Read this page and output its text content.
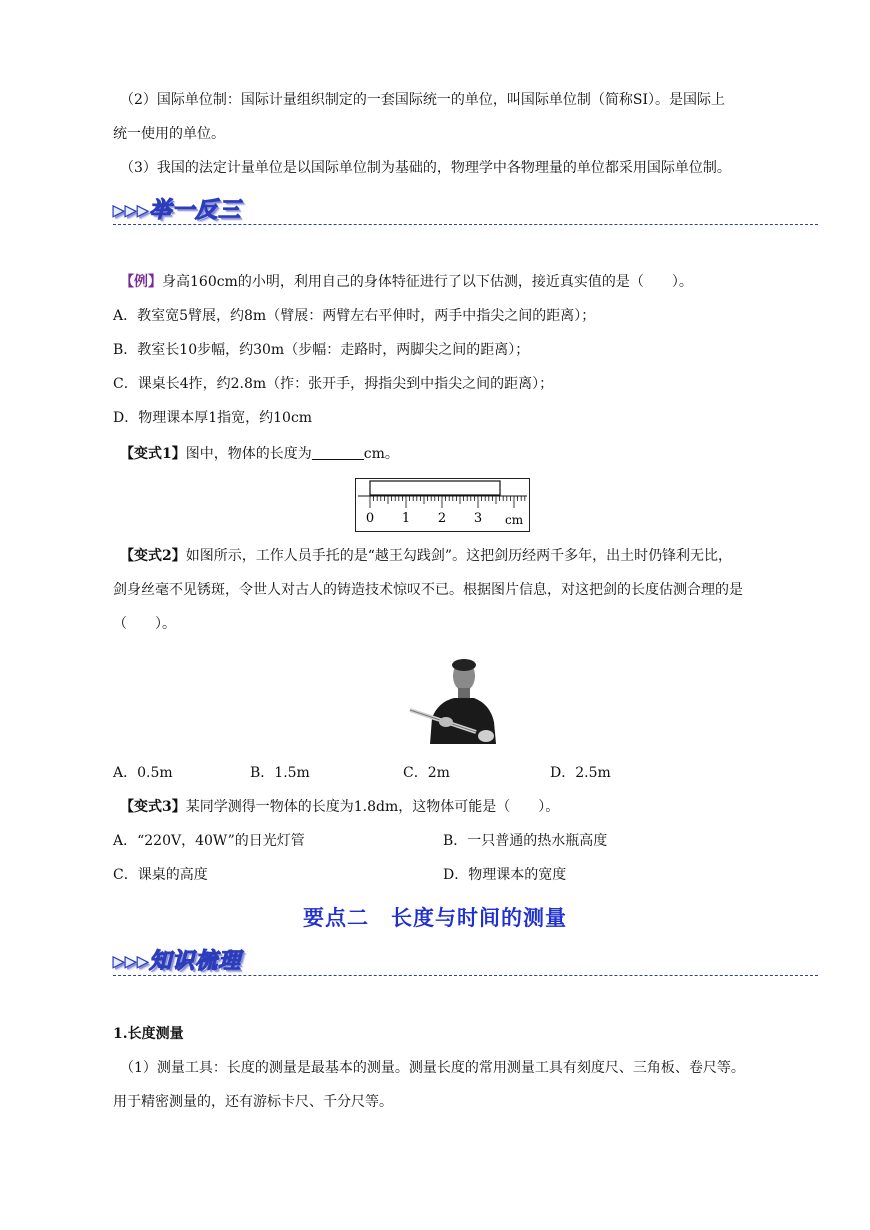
（2）国际单位制：国际计量组织制定的一套国际统一的单位，叫国际单位制（简称SI）。是国际上
统一使用的单位。
（3）我国的法定计量单位是以国际单位制为基础的，物理学中各物理量的单位都采用国际单位制。
▸▸▸举一反三
【例】身高160cm的小明，利用自己的身体特征进行了以下估测，接近真实值的是（　　）。
A．教室宽5臂展，约8m（臂展：两臂左右平伸时，两手中指尖之间的距离）；
B．教室长10步幅，约30m（步幅：走路时，两脚尖之间的距离）；
C．课桌长4拃，约2.8m（拃：张开手，拇指尖到中指尖之间的距离）；
D．物理课本厚1指宽，约10cm
【变式1】图中，物体的长度为	cm。
0 1 2 3 cm
【变式2】如图所示，工作人员手托的是“越王勾践剑”。这把剑历经两千多年，出土时仍锋利无比，
剑身丝毫不见锈斑，令世人对古人的铸造技术惊叹不已。根据图片信息，对这把剑的长度估测合理的是
（　　）。
A．0.5m	B．1.5m	C．2m	D．2.5m
【变式3】某同学测得一物体的长度为1.8dm，这物体可能是（　　）。
A．“220V，40W”的日光灯管	B．一只普通的热水瓶高度
C．课桌的高度	D．物理课本的宽度
要点二　长度与时间的测量
▸▸▸知识梳理
1.长度测量
（1）测量工具：长度的测量是最基本的测量。测量长度的常用测量工具有刻度尺、三角板、卷尺等。
用于精密测量的，还有游标卡尺、千分尺等。
